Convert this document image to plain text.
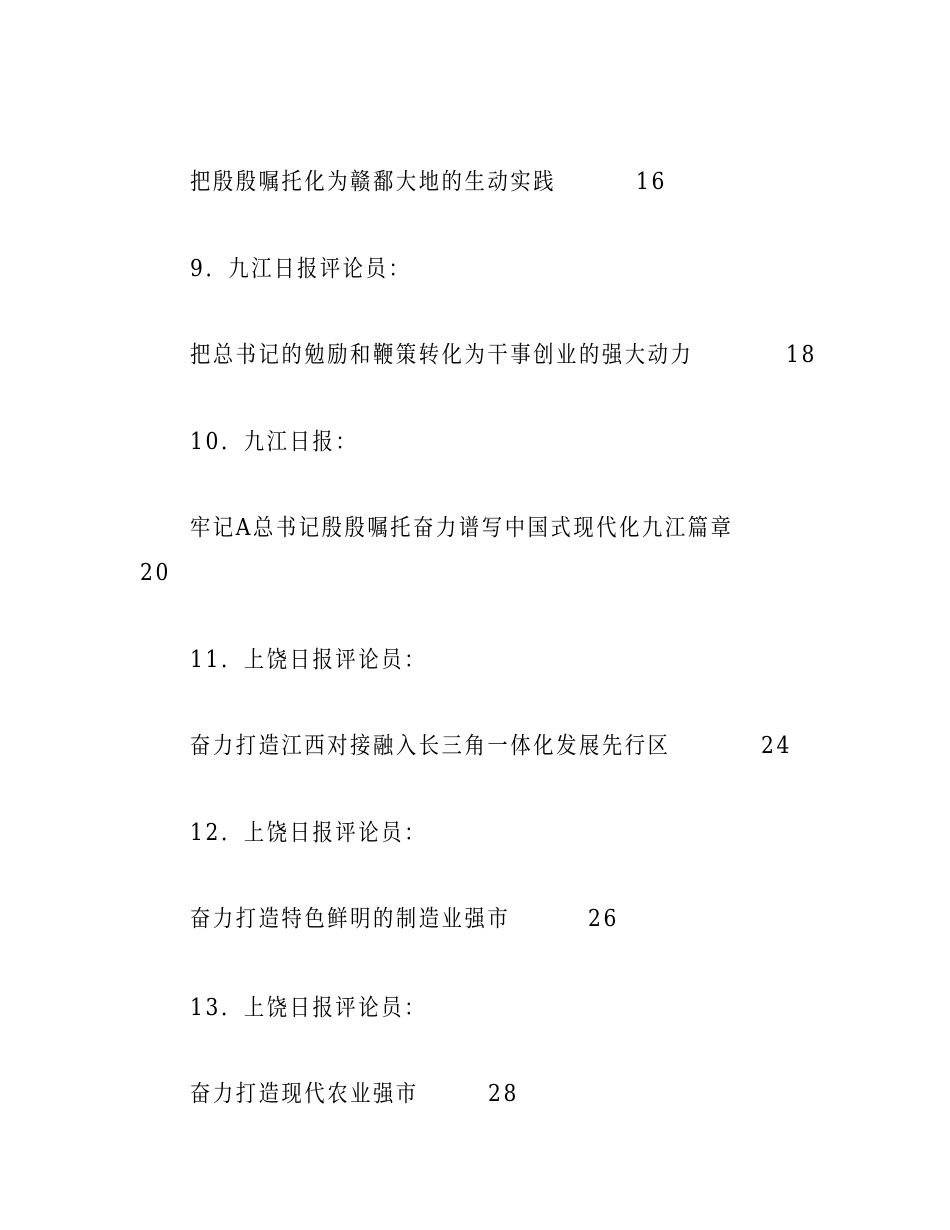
把殷殷嘱托化为赣鄱大地的生动实践	16
9．九江日报评论员：
把总书记的勉励和鞭策转化为干事创业的强大动力	18
10．九江日报：
牢记A总书记殷殷嘱托奋力谱写中国式现代化九江篇章
20
11．上饶日报评论员：
奋力打造江西对接融入长三角一体化发展先行区	24
12．上饶日报评论员：
奋力打造特色鲜明的制造业强市	26
13．上饶日报评论员：
奋力打造现代农业强市	28
